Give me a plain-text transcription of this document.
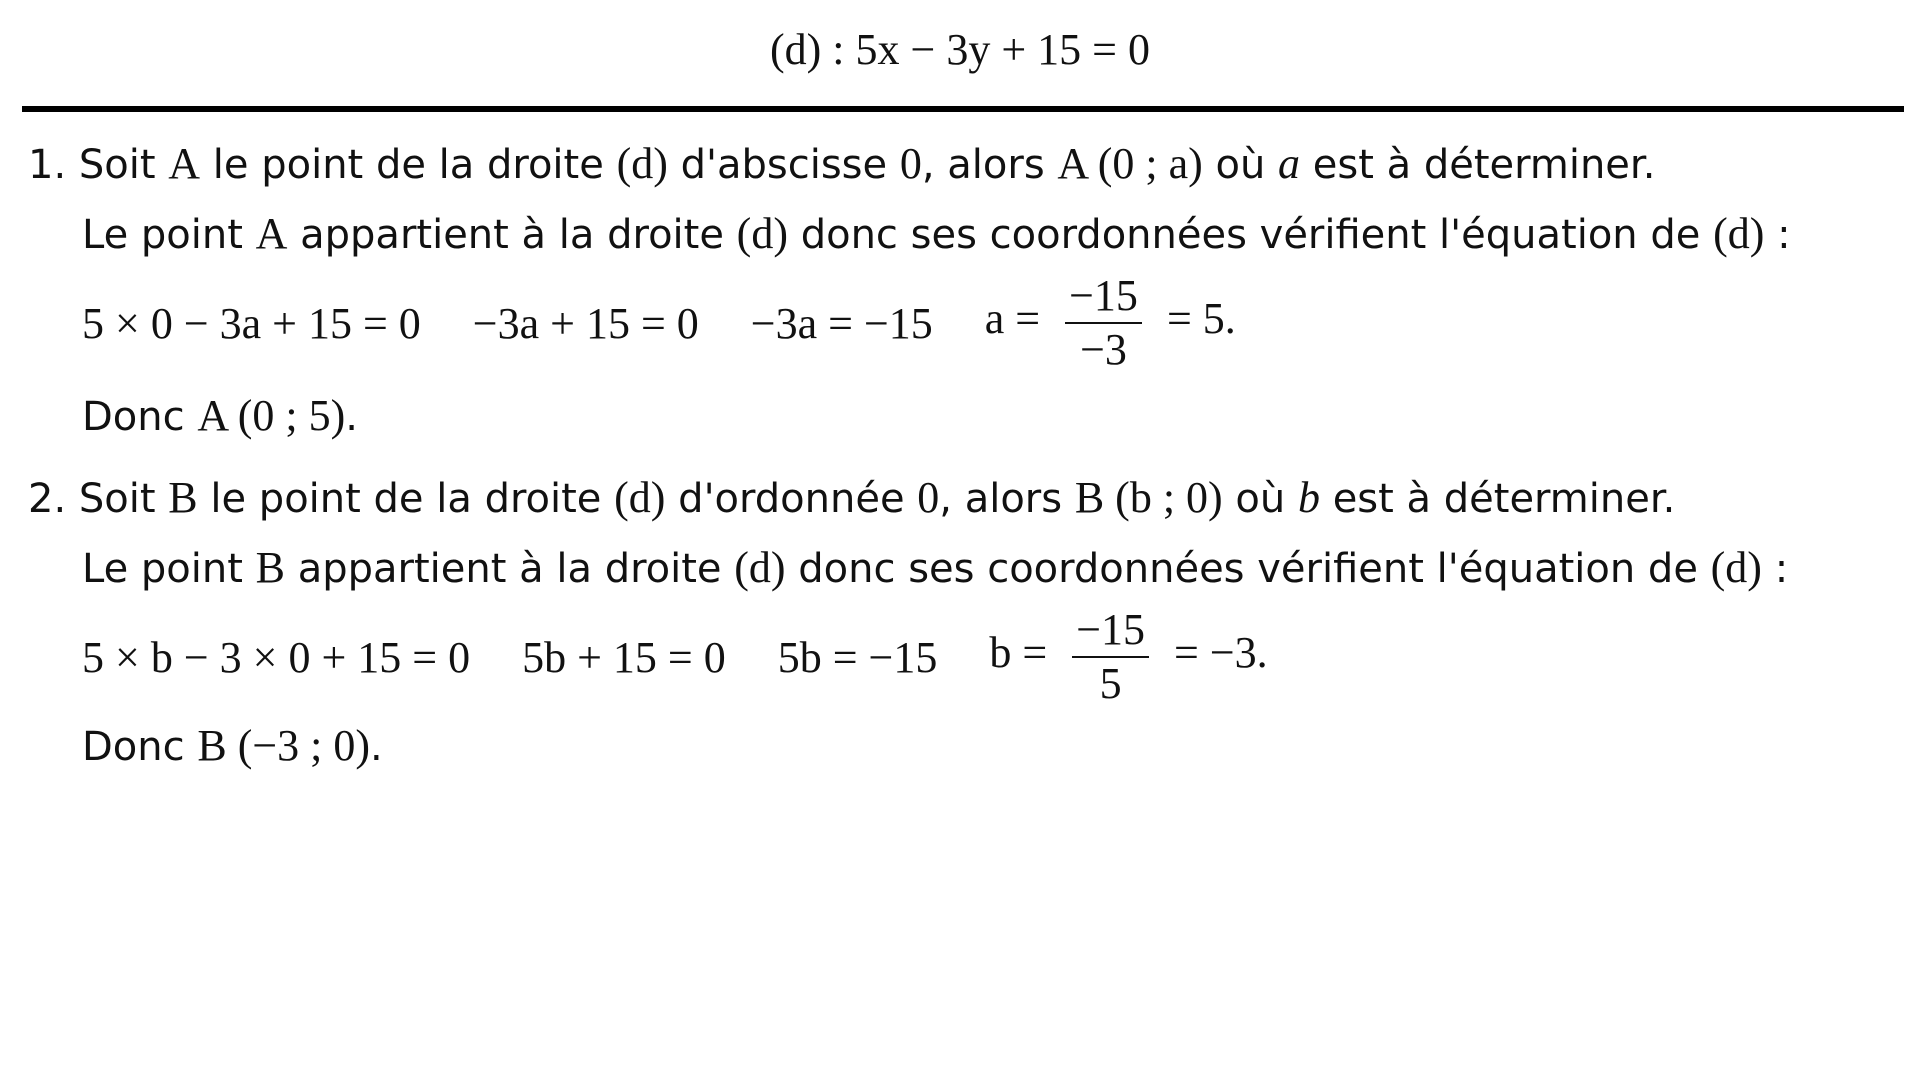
(d) : 5x − 3y + 15 = 0
1. Soit A le point de la droite (d) d'abscisse 0, alors A (0 ; a) où a est à déterminer.
Le point A appartient à la droite (d) donc ses coordonnées vérifient l'équation de (d) :
5 × 0 − 3a + 15 = 0 −3a + 15 = 0 −3a = −15 $a = \frac{-15}{-3} = 5$.
Donc A (0 ; 5).
2. Soit B le point de la droite (d) d'ordonnée 0, alors B (b ; 0) où b est à déterminer.
Le point B appartient à la droite (d) donc ses coordonnées vérifient l'équation de (d) :
5 × b − 3 × 0 + 15 = 0 5b + 15 = 0 5b = −15 $b = \frac{-15}{5} = -3$.
Donc B (−3 ; 0).
